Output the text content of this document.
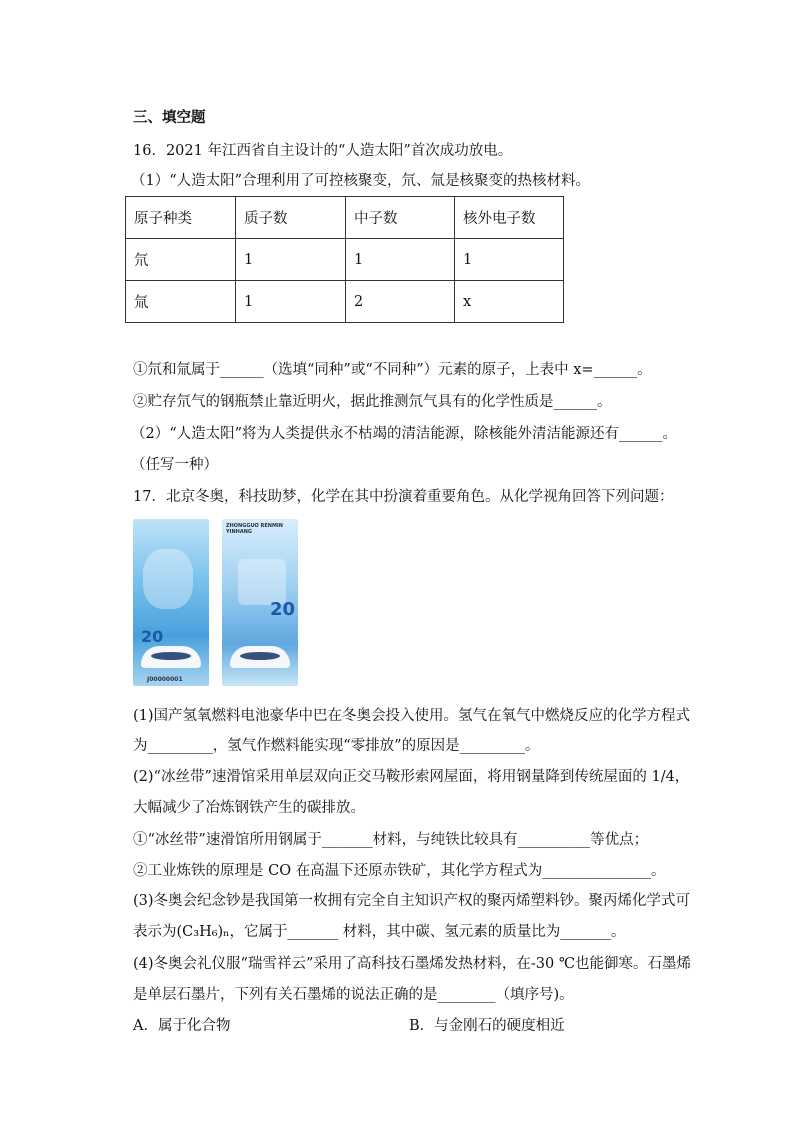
三、填空题
16．2021 年江西省自主设计的“人造太阳”首次成功放电。
（1）“人造太阳”合理利用了可控核聚变，氘、氚是核聚变的热核材料。
原子种类	质子数	中子数	核外电子数
氘	1	1	1
氚	1	2	x
①氘和氚属于______（选填“同种”或“不同种”）元素的原子，上表中 x=______。
②贮存氘气的钢瓶禁止靠近明火，据此推测氘气具有的化学性质是______。
（2）“人造太阳”将为人类提供永不枯竭的清洁能源，除核能外清洁能源还有______。
（任写一种）
17．北京冬奥，科技助梦，化学在其中扮演着重要角色。从化学视角回答下列问题：
20
J00000001
ZHONGGUO RENMIN YINHANG
20
(1)国产氢氧燃料电池豪华中巴在冬奥会投入使用。氢气在氧气中燃烧反应的化学方程式
为_________，氢气作燃料能实现“零排放”的原因是_________。
(2)“冰丝带”速滑馆采用单层双向正交马鞍形索网屋面，将用钢量降到传统屋面的 1/4，
大幅减少了冶炼钢铁产生的碳排放。
①“冰丝带”速滑馆所用钢属于_______材料，与纯铁比较具有__________等优点；
②工业炼铁的原理是 CO 在高温下还原赤铁矿，其化学方程式为_______________。
(3)冬奥会纪念钞是我国第一枚拥有完全自主知识产权的聚丙烯塑料钞。聚丙烯化学式可
表示为(C₃H₆)ₙ，它属于_______ 材料，其中碳、氢元素的质量比为_______。
(4)冬奥会礼仪服“瑞雪祥云”采用了高科技石墨烯发热材料，在-30 ℃也能御寒。石墨烯
是单层石墨片，下列有关石墨烯的说法正确的是________（填序号)。
A．属于化合物	B．与金刚石的硬度相近
